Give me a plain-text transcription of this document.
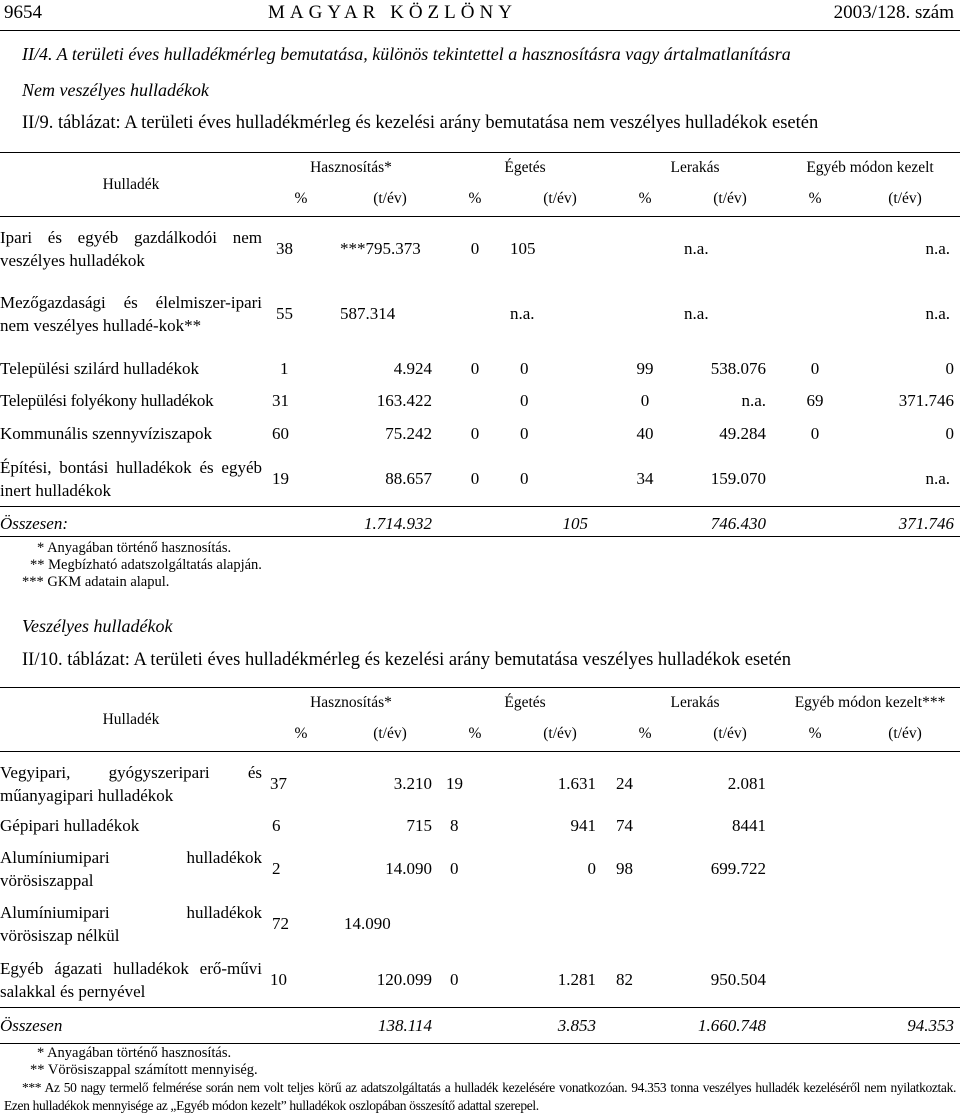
9654	MAGYAR KÖZLÖNY	2003/128. szám
II/4. A területi éves hulladékmérleg bemutatása, különös tekintettel a hasznosításra vagy ártalmatlanításra
Nem veszélyes hulladékok
II/9. táblázat: A területi éves hulladékmérleg és kezelési arány bemutatása nem veszélyes hulladékok esetén
Hulladék	Hasznosítás*		Égetés		Lerakás		Egyéb módon kezelt	
	%	(t/év)	%	(t/év)	%	(t/év)	%	(t/év)
Ipari és egyéb gazdálkodói nem veszélyes hulladékok	38	***795.373	0	105		n.a.		n.a.
Mezőgazdasági és élelmiszer-ipari nem veszélyes hulladé-kok**	55	587.314		n.a.		n.a.		n.a.
Települési szilárd hulladékok	1	4.924	0	0	99	538.076	0	0
Települési folyékony hulladékok	31	163.422		0	0	n.a.	69	371.746
Kommunális szennyvíziszapok	60	75.242	0	0	40	49.284	0	0
Építési, bontási hulladékok és egyéb inert hulladékok	19	88.657	0	0	34	159.070		n.a.
Összesen:	1.714.932		105		746.430		371.746	
* Anyagában történő hasznosítás.
** Megbízható adatszolgáltatás alapján.
*** GKM adatain alapul.
Veszélyes hulladékok
II/10. táblázat: A területi éves hulladékmérleg és kezelési arány bemutatása veszélyes hulladékok esetén
Hulladék	Hasznosítás*		Égetés		Lerakás		Egyéb módon kezelt***	
	%	(t/év)	%	(t/év)	%	(t/év)	%	(t/év)
Vegyipari, gyógyszeripari és műanyagipari hulladékok	37	3.210	19	1.631	24	2.081		
Gépipari hulladékok	6	715	8	941	74	8441		
Alumíniumipari hulladékok vörösiszappal	2	14.090	0	0	98	699.722		
Alumíniumipari hulladékok vörösiszap nélkül	72	14.090						
Egyéb ágazati hulladékok erő-művi salakkal és pernyével	10	120.099	0	1.281	82	950.504		
Összesen	138.114		3.853		1.660.748		94.353	
* Anyagában történő hasznosítás.
** Vörösiszappal számított mennyiség.
*** Az 50 nagy termelő felmérése során nem volt teljes körű az adatszolgáltatás a hulladék kezelésére vonatkozóan. 94.353 tonna veszélyes hulladék kezeléséről nem nyilatkoztak. Ezen hulladékok mennyisége az „Egyéb módon kezelt” hulladékok oszlopában összesítő adattal szerepel.
